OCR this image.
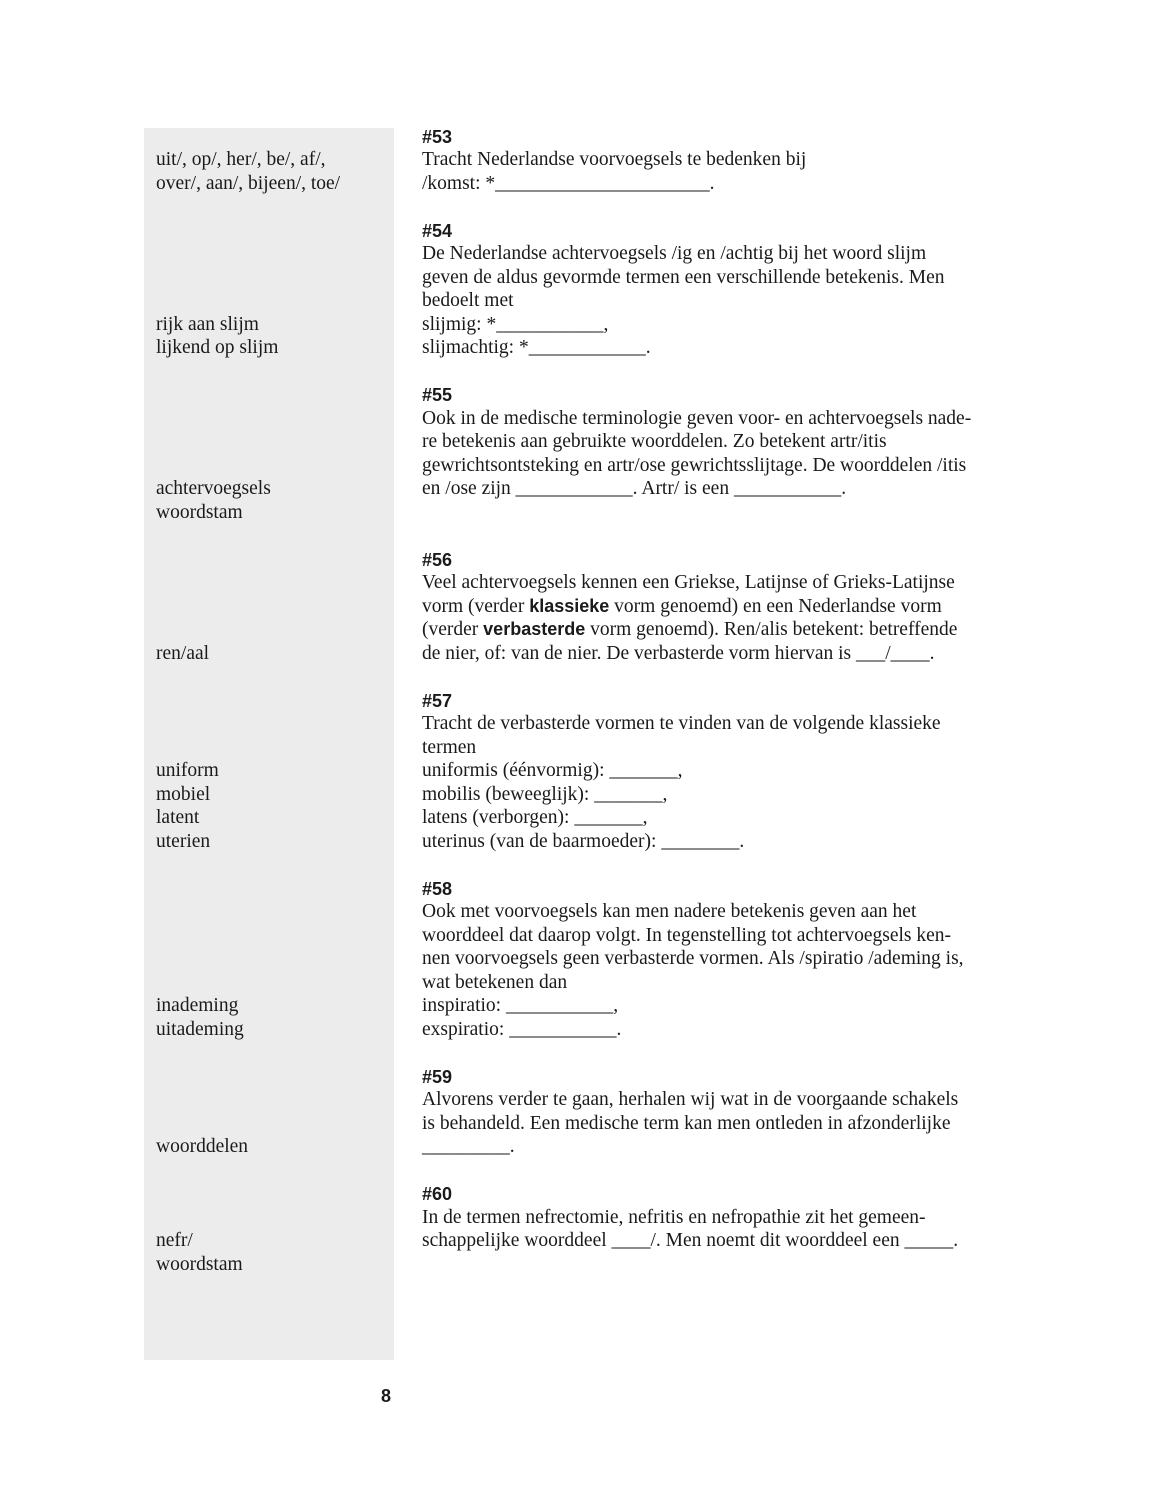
uit/, op/, her/, be/, af/,

over/, aan/, bijeen/, toe/

rijk aan slijm

lijkend op slijm

achtervoegsels

woordstam

ren/aal

uniform

mobiel

latent

uterien

inademing

uitademing

woorddelen

nefr/

woordstam

#53

Tracht Nederlandse voorvoegsels te bedenken bij

/komst: *______________________.

#54

De Nederlandse achtervoegsels /ig en /achtig bij het woord slijm

geven de aldus gevormde termen een verschillende betekenis. Men

bedoelt met

slijmig: *___________,

slijmachtig: *____________.

#55

Ook in de medische terminologie geven voor- en achtervoegsels nade-

re betekenis aan gebruikte woorddelen. Zo betekent artr/itis

gewrichtsontsteking en artr/ose gewrichtsslijtage. De woorddelen /itis

en /ose zijn ____________. Artr/ is een ___________.

#56

Veel achtervoegsels kennen een Griekse, Latijnse of Grieks-Latijnse

vorm (verder klassieke vorm genoemd) en een Nederlandse vorm

(verder verbasterde vorm genoemd). Ren/alis betekent: betreffende

de nier, of: van de nier. De verbasterde vorm hiervan is ___/____.

#57

Tracht de verbasterde vormen te vinden van de volgende klassieke

termen

uniformis (éénvormig): _______,

mobilis (beweeglijk): _______,

latens (verborgen): _______,

uterinus (van de baarmoeder): ________.

#58

Ook met voorvoegsels kan men nadere betekenis geven aan het

woorddeel dat daarop volgt. In tegenstelling tot achtervoegsels ken-

nen voorvoegsels geen verbasterde vormen. Als /spiratio /ademing is,

wat betekenen dan

inspiratio: ___________,

exspiratio: ___________.

#59

Alvorens verder te gaan, herhalen wij wat in de voorgaande schakels

is behandeld. Een medische term kan men ontleden in afzonderlijke

_________.

#60

In de termen nefrectomie, nefritis en nefropathie zit het gemeen-

schappelijke woorddeel ____/. Men noemt dit woorddeel een _____.

8
